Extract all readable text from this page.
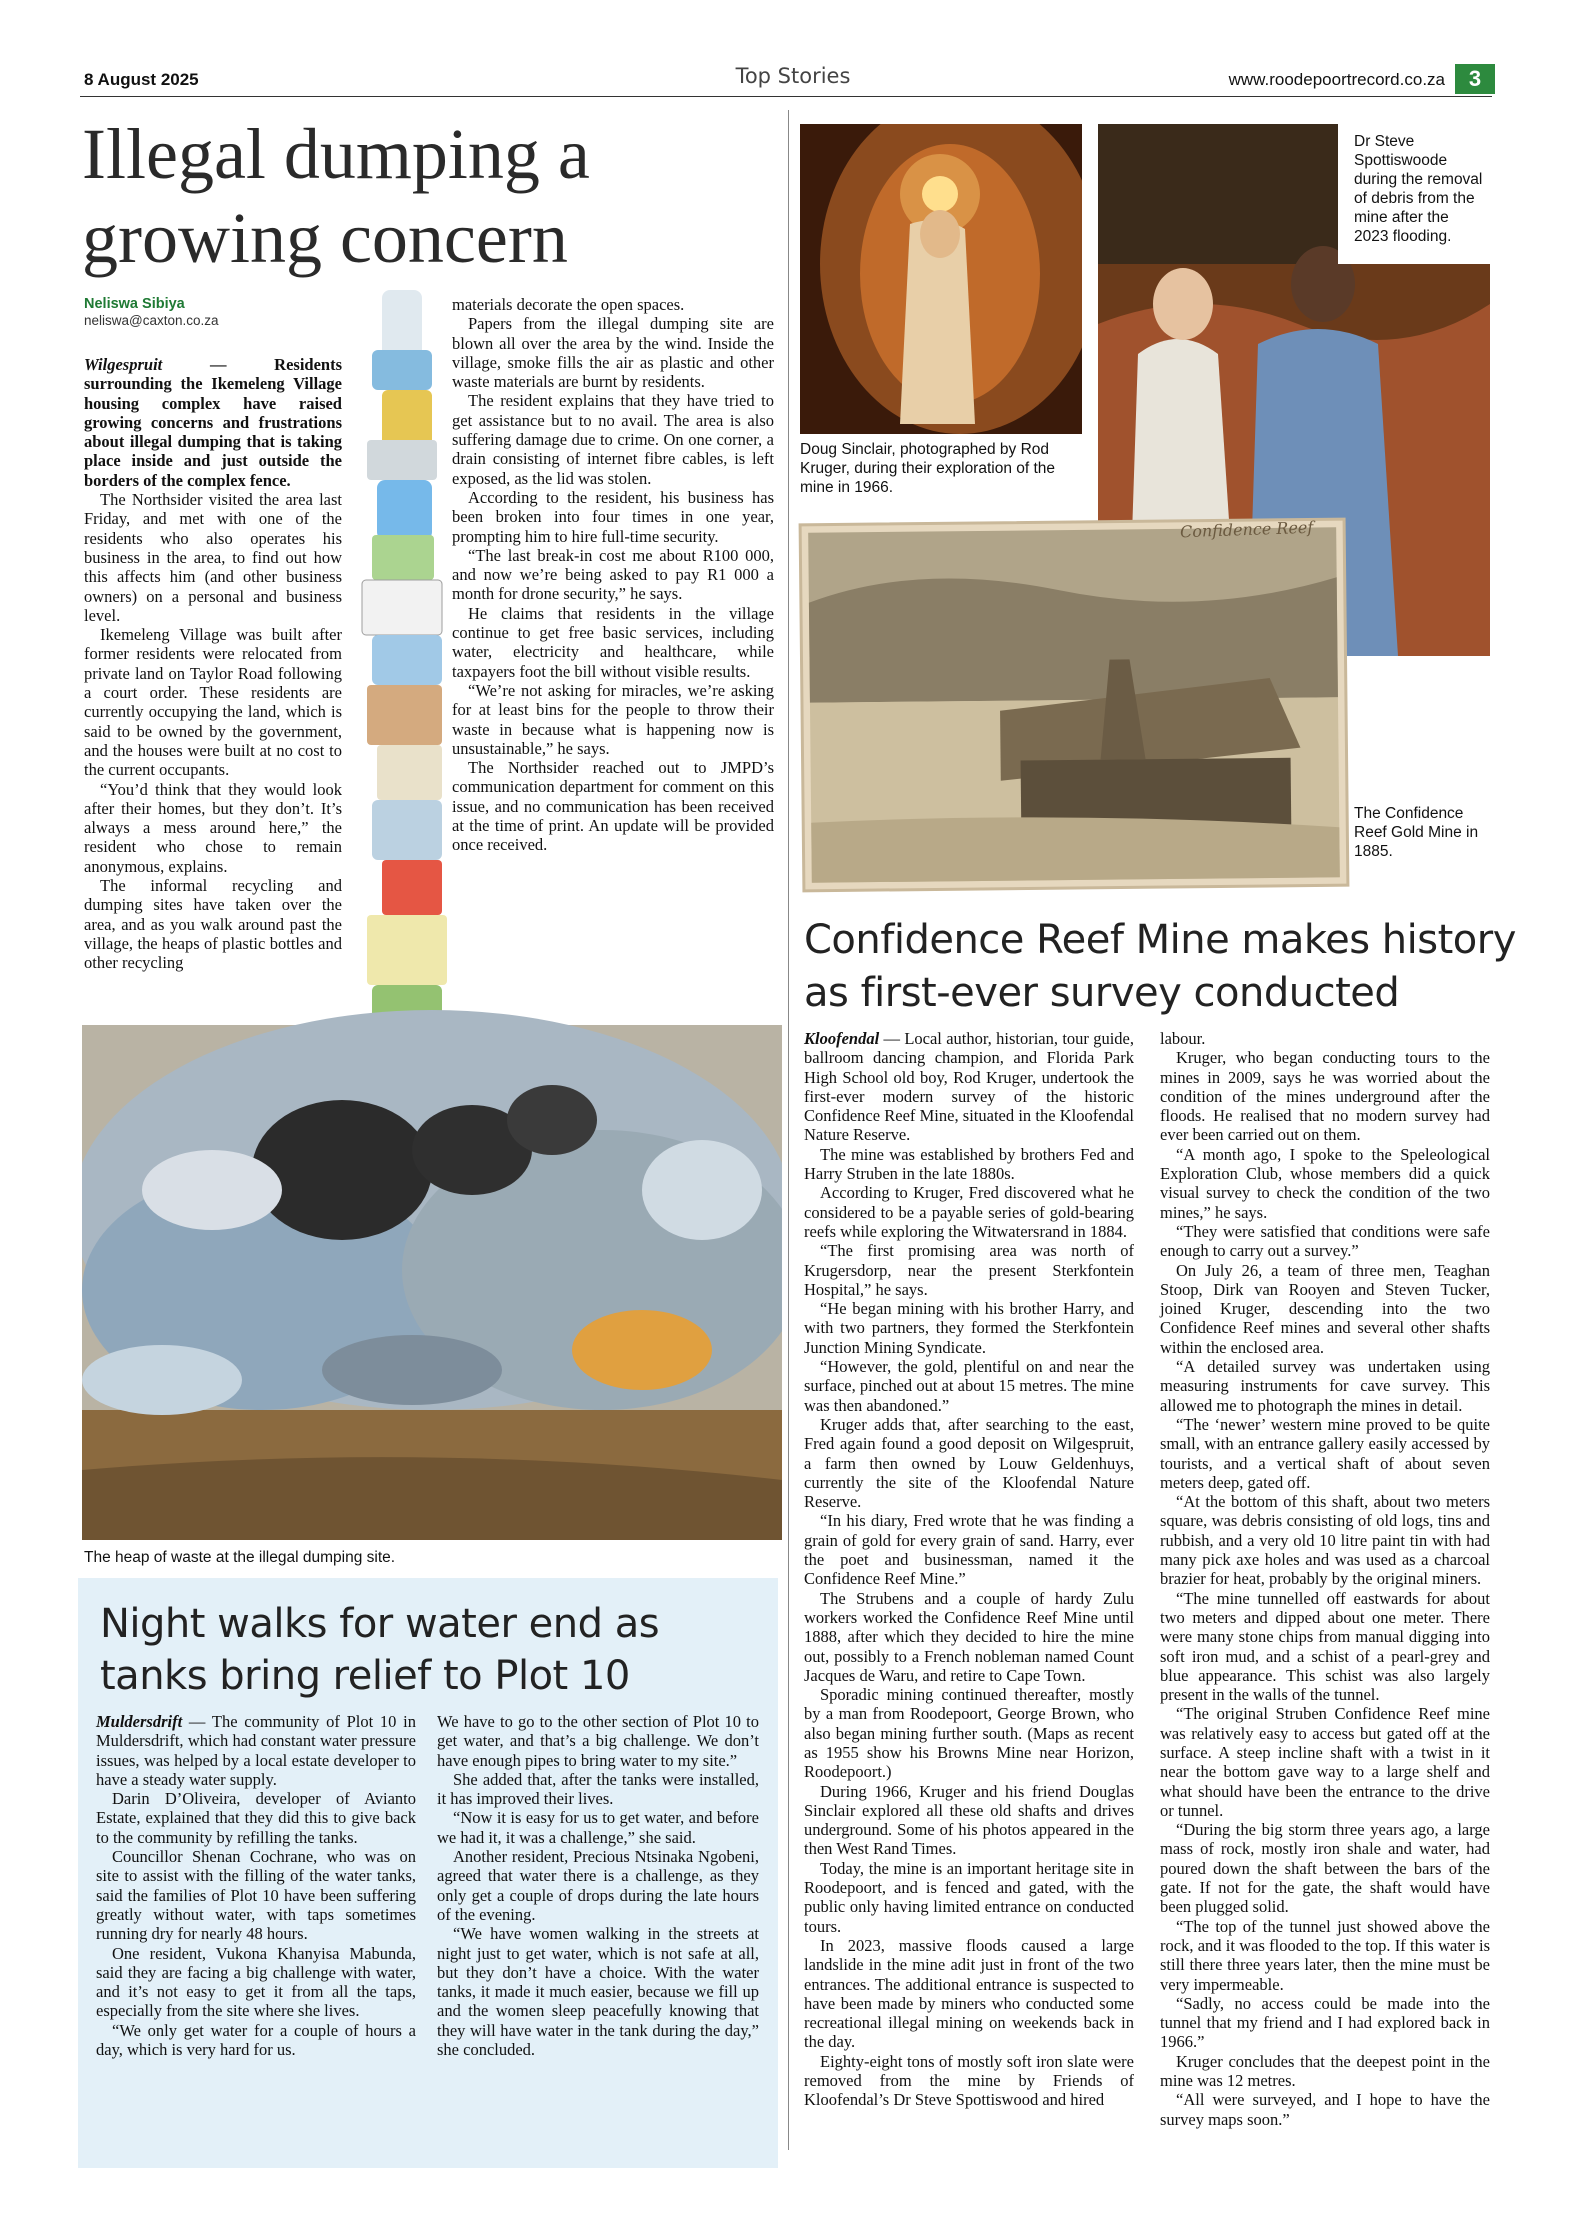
8 August 2025	Top Stories	www.roodepoortrecord.co.za	3
Illegal dumping a
growing concern
Neliswa Sibiya
neliswa@caxton.co.za

Wilgespruit — Residents surrounding the Ikemeleng Village housing complex have raised growing concerns and frustrations about illegal dumping that is taking place inside and just outside the borders of the complex fence.

The Northsider visited the area last Friday, and met with one of the residents who also operates his business in the area, to find out how this affects him (and other business owners) on a personal and business level.

Ikemeleng Village was built after former residents were relocated from private land on Taylor Road following a court order. These residents are currently occupying the land, which is said to be owned by the government, and the houses were built at no cost to the current occupants.

“You’d think that they would look after their homes, but they don’t. It’s always a mess around here,” the resident who chose to remain anonymous, explains.

The informal recycling and dumping sites have taken over the area, and as you walk around past the village, the heaps of plastic bottles and other recycling

materials decorate the open spaces.

Papers from the illegal dumping site are blown all over the area by the wind. Inside the village, smoke fills the air as plastic and other waste materials are burnt by residents.

The resident explains that they have tried to get assistance but to no avail. The area is also suffering damage due to crime. On one corner, a drain consisting of internet fibre cables, is left exposed, as the lid was stolen.

According to the resident, his business has been broken into four times in one year, prompting him to hire full-time security.

“The last break-in cost me about R100 000, and now we’re being asked to pay R1 000 a month for drone security,” he says.

He claims that residents in the village continue to get free basic services, including water, electricity and healthcare, while taxpayers foot the bill without visible results.

“We’re not asking for miracles, we’re asking for at least bins for the people to throw their waste in because what is happening now is unsustainable,” he says.

The Northsider reached out to JMPD’s communication department for comment on this issue, and no communication has been received at the time of print. An update will be provided once received.

The heap of waste at the illegal dumping site.
Night walks for water end as
tanks bring relief to Plot 10

Muldersdrift — The community of Plot 10 in Muldersdrift, which had constant water pressure issues, was helped by a local estate developer to have a steady water supply.

Darin D’Oliveira, developer of Avianto Estate, explained that they did this to give back to the community by refilling the tanks.

Councillor Shenan Cochrane, who was on site to assist with the filling of the water tanks, said the families of Plot 10 have been suffering greatly without water, with taps sometimes running dry for nearly 48 hours.

One resident, Vukona Khanyisa Mabunda, said they are facing a big challenge with water, and it’s not easy to get it from all the taps, especially from the site where she lives.

“We only get water for a couple of hours a day, which is very hard for us.

We have to go to the other section of Plot 10 to get water, and that’s a big challenge. We don’t have enough pipes to bring water to my site.”

She added that, after the tanks were installed, it has improved their lives.

“Now it is easy for us to get water, and before we had it, it was a challenge,” she said.

Another resident, Precious Ntsinaka Ngobeni, agreed that water there is a challenge, as they only get a couple of drops during the late hours of the evening.

“We have women walking in the streets at night just to get water, which is not safe at all, but they don’t have a choice. With the water tanks, it made it much easier, because we fill up and the women sleep peacefully knowing that they will have water in the tank during the day,” she concluded.

Doug Sinclair, photographed by Rod Kruger, during their exploration of the mine in 1966.
Dr Steve Spottiswoode during the removal of debris from the mine after the 2023 flooding.
Confidence Reef
The Confidence Reef Gold Mine in 1885.
Confidence Reef Mine makes history
as first-ever survey conducted

Kloofendal — Local author, historian, tour guide, ballroom dancing champion, and Florida Park High School old boy, Rod Kruger, undertook the first-ever modern survey of the historic Confidence Reef Mine, situated in the Kloofendal Nature Reserve.

The mine was established by brothers Fed and Harry Struben in the late 1880s.

According to Kruger, Fred discovered what he considered to be a payable series of gold-bearing reefs while exploring the Witwatersrand in 1884.

“The first promising area was north of Krugersdorp, near the present Sterkfontein Hospital,” he says.

“He began mining with his brother Harry, and with two partners, they formed the Sterkfontein Junction Mining Syndicate.

“However, the gold, plentiful on and near the surface, pinched out at about 15 metres. The mine was then abandoned.”

Kruger adds that, after searching to the east, Fred again found a good deposit on Wilgespruit, a farm then owned by Louw Geldenhuys, currently the site of the Kloofendal Nature Reserve.

“In his diary, Fred wrote that he was finding a grain of gold for every grain of sand. Harry, ever the poet and businessman, named it the Confidence Reef Mine.”

The Strubens and a couple of hardy Zulu workers worked the Confidence Reef Mine until 1888, after which they decided to hire the mine out, possibly to a French nobleman named Count Jacques de Waru, and retire to Cape Town.

Sporadic mining continued thereafter, mostly by a man from Roodepoort, George Brown, who also began mining further south. (Maps as recent as 1955 show his Browns Mine near Horizon, Roodepoort.)

During 1966, Kruger and his friend Douglas Sinclair explored all these old shafts and drives underground. Some of his photos appeared in the then West Rand Times.

Today, the mine is an important heritage site in Roodepoort, and is fenced and gated, with the public only having limited entrance on conducted tours.

In 2023, massive floods caused a large landslide in the mine adit just in front of the two entrances. The additional entrance is suspected to have been made by miners who conducted some recreational illegal mining on weekends back in the day.

Eighty-eight tons of mostly soft iron slate were removed from the mine by Friends of Kloofendal’s Dr Steve Spottiswood and hired

labour.

Kruger, who began conducting tours to the mines in 2009, says he was worried about the condition of the mines underground after the floods. He realised that no modern survey had ever been carried out on them.

“A month ago, I spoke to the Speleological Exploration Club, whose members did a quick visual survey to check the condition of the two mines,” he says.

“They were satisfied that conditions were safe enough to carry out a survey.”

On July 26, a team of three men, Teaghan Stoop, Dirk van Rooyen and Steven Tucker, joined Kruger, descending into the two Confidence Reef mines and several other shafts within the enclosed area.

“A detailed survey was undertaken using measuring instruments for cave survey. This allowed me to photograph the mines in detail.

“The ‘newer’ western mine proved to be quite small, with an entrance gallery easily accessed by tourists, and a vertical shaft of about seven meters deep, gated off.

“At the bottom of this shaft, about two meters square, was debris consisting of old logs, tins and rubbish, and a very old 10 litre paint tin with had many pick axe holes and was used as a charcoal brazier for heat, probably by the original miners.

“The mine tunnelled off eastwards for about two meters and dipped about one meter. There were many stone chips from manual digging into soft iron mud, and a schist of a pearl-grey and blue appearance. This schist was also largely present in the walls of the tunnel.

“The original Struben Confidence Reef mine was relatively easy to access but gated off at the surface. A steep incline shaft with a twist in it near the bottom gave way to a large shelf and what should have been the entrance to the drive or tunnel.

“During the big storm three years ago, a large mass of rock, mostly iron shale and water, had poured down the shaft between the bars of the gate. If not for the gate, the shaft would have been plugged solid.

“The top of the tunnel just showed above the rock, and it was flooded to the top. If this water is still there three years later, then the mine must be very impermeable.

“Sadly, no access could be made into the tunnel that my friend and I had explored back in 1966.”

Kruger concludes that the deepest point in the mine was 12 metres.

“All were surveyed, and I hope to have the survey maps soon.”
